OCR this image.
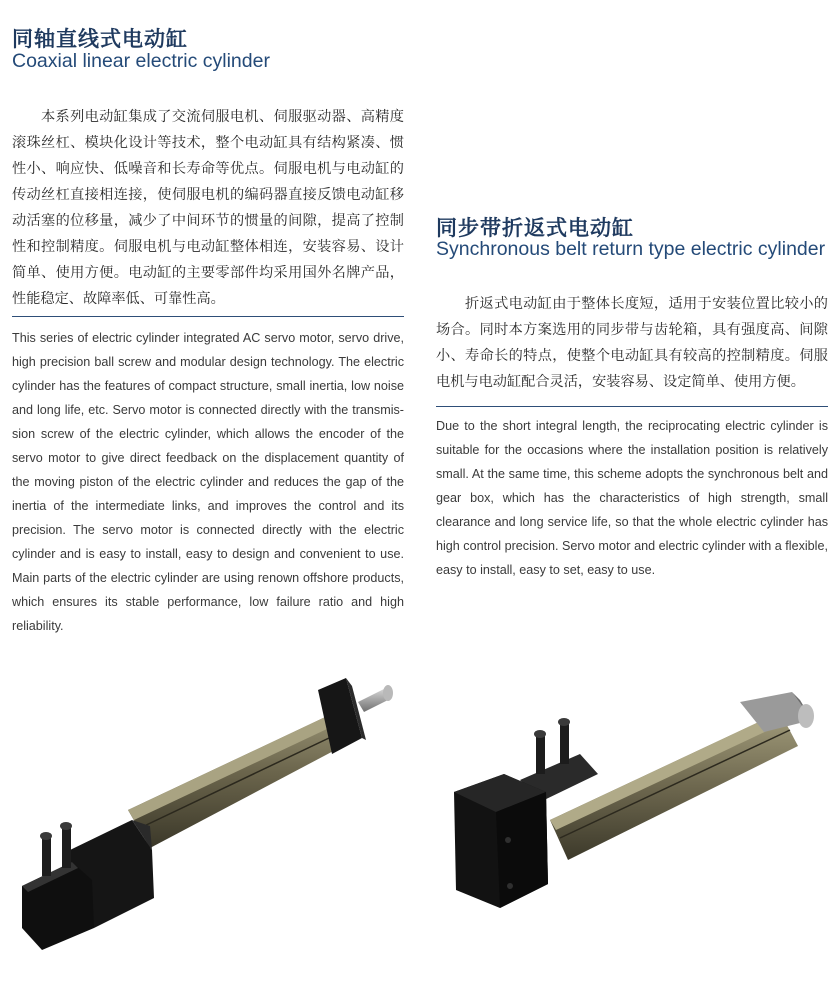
同轴直线式电动缸
Coaxial linear electric cylinder

本系列电动缸集成了交流伺服电机、伺服驱动器、高精度滚珠丝杠、模块化设计等技术，整个电动缸具有结构紧凑、惯性小、响应快、低噪音和长寿命等优点。伺服电机与电动缸的传动丝杠直接相连接，使伺服电机的编码器直接反馈电动缸移动活塞的位移量，减少了中间环节的惯量的间隙，提高了控制性和控制精度。伺服电机与电动缸整体相连，安装容易、设计简单、使用方便。电动缸的主要零部件均采用国外名牌产品，性能稳定、故障率低、可靠性高。

This series of electric cylinder integrated AC servo motor, servo drive, high precision ball screw and modular design technology. The electric cylinder has the features of compact structure, small inertia, low noise and long life, etc. Servo motor is connected directly with the transmis-sion screw of the electric cylinder, which allows the encoder of the servo motor to give direct feedback on the displacement quantity of the moving piston of the electric cylinder and reduces the gap of the inertia of the intermediate links, and improves the control and its precision. The servo motor is connected directly with the electric cylinder and is easy to install, easy to design and convenient to use. Main parts of the electric cylinder are using renown offshore products, which ensures its stable performance, low failure ratio and high reliability.

同步带折返式电动缸
Synchronous belt return type electric cylinder

折返式电动缸由于整体长度短，适用于安装位置比较小的场合。同时本方案选用的同步带与齿轮箱，具有强度高、间隙小、寿命长的特点，使整个电动缸具有较高的控制精度。伺服电机与电动缸配合灵活，安装容易、设定简单、使用方便。

Due to the short integral length, the reciprocating electric cylinder is suitable for the occasions where the installation position is relatively small. At the same time, this scheme adopts the synchronous belt and gear box, which has the characteristics of high strength, small clearance and long service life, so that the whole electric cylinder has high control precision. Servo motor and electric cylinder with a flexible, easy to install, easy to set, easy to use.
